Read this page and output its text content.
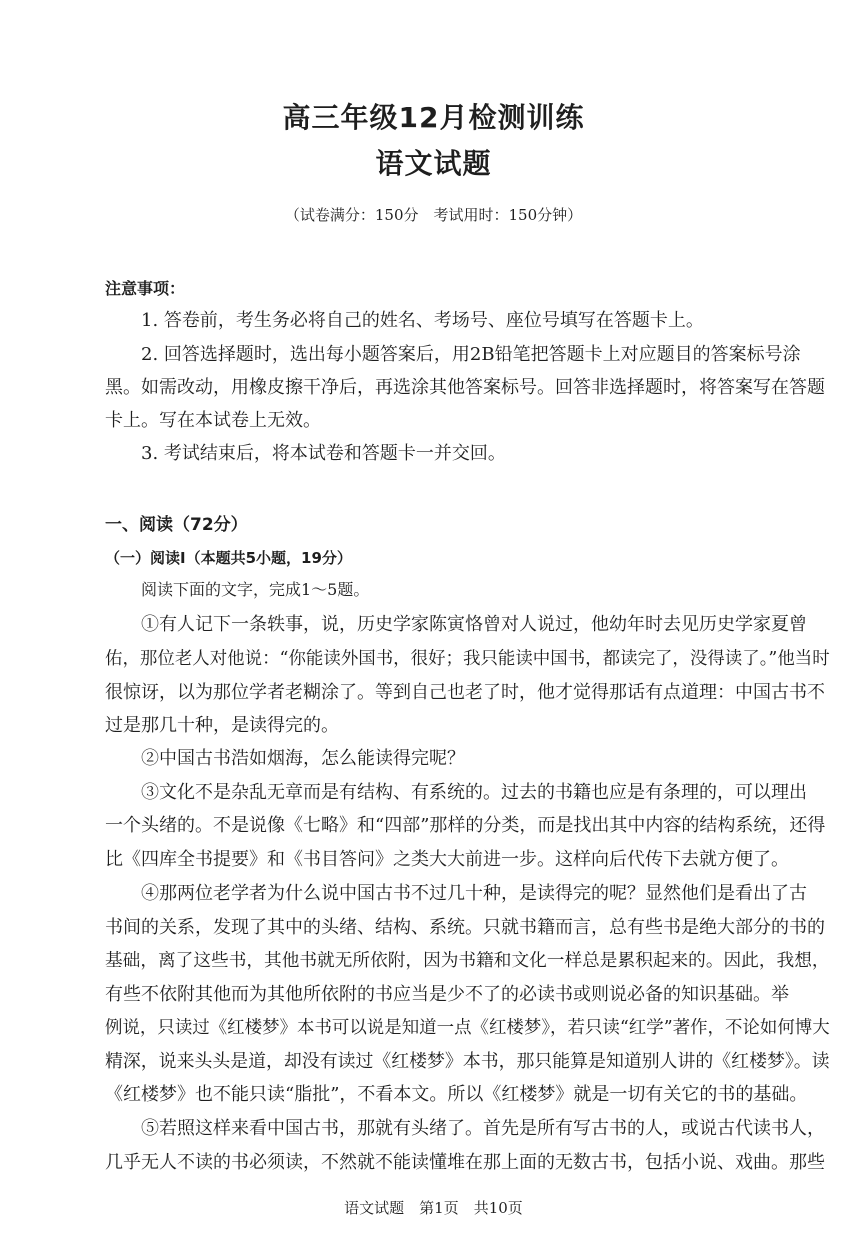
高三年级12月检测训练
语文试题
（试卷满分：150分　考试用时：150分钟）
注意事项：
1. 答卷前，考生务必将自己的姓名、考场号、座位号填写在答题卡上。
2. 回答选择题时，选出每小题答案后，用2B铅笔把答题卡上对应题目的答案标号涂
黑。如需改动，用橡皮擦干净后，再选涂其他答案标号。回答非选择题时，将答案写在答题
卡上。写在本试卷上无效。
3. 考试结束后，将本试卷和答题卡一并交回。
一、阅读（72分）
（一）阅读Ⅰ（本题共5小题，19分）
阅读下面的文字，完成1～5题。
①有人记下一条轶事，说，历史学家陈寅恪曾对人说过，他幼年时去见历史学家夏曾
佑，那位老人对他说：“你能读外国书，很好；我只能读中国书，都读完了，没得读了。”他当时
很惊讶，以为那位学者老糊涂了。等到自己也老了时，他才觉得那话有点道理：中国古书不
过是那几十种，是读得完的。
②中国古书浩如烟海，怎么能读得完呢？
③文化不是杂乱无章而是有结构、有系统的。过去的书籍也应是有条理的，可以理出
一个头绪的。不是说像《七略》和“四部”那样的分类，而是找出其中内容的结构系统，还得
比《四库全书提要》和《书目答问》之类大大前进一步。这样向后代传下去就方便了。
④那两位老学者为什么说中国古书不过几十种，是读得完的呢？显然他们是看出了古
书间的关系，发现了其中的头绪、结构、系统。只就书籍而言，总有些书是绝大部分的书的
基础，离了这些书，其他书就无所依附，因为书籍和文化一样总是累积起来的。因此，我想，
有些不依附其他而为其他所依附的书应当是少不了的必读书或则说必备的知识基础。举
例说，只读过《红楼梦》本书可以说是知道一点《红楼梦》，若只读“红学”著作，不论如何博大
精深，说来头头是道，却没有读过《红楼梦》本书，那只能算是知道别人讲的《红楼梦》。读
《红楼梦》也不能只读“脂批”，不看本文。所以《红楼梦》就是一切有关它的书的基础。
⑤若照这样来看中国古书，那就有头绪了。首先是所有写古书的人，或说古代读书人，
几乎无人不读的书必须读，不然就不能读懂堆在那上面的无数古书，包括小说、戏曲。那些
语文试题　第1页　共10页
